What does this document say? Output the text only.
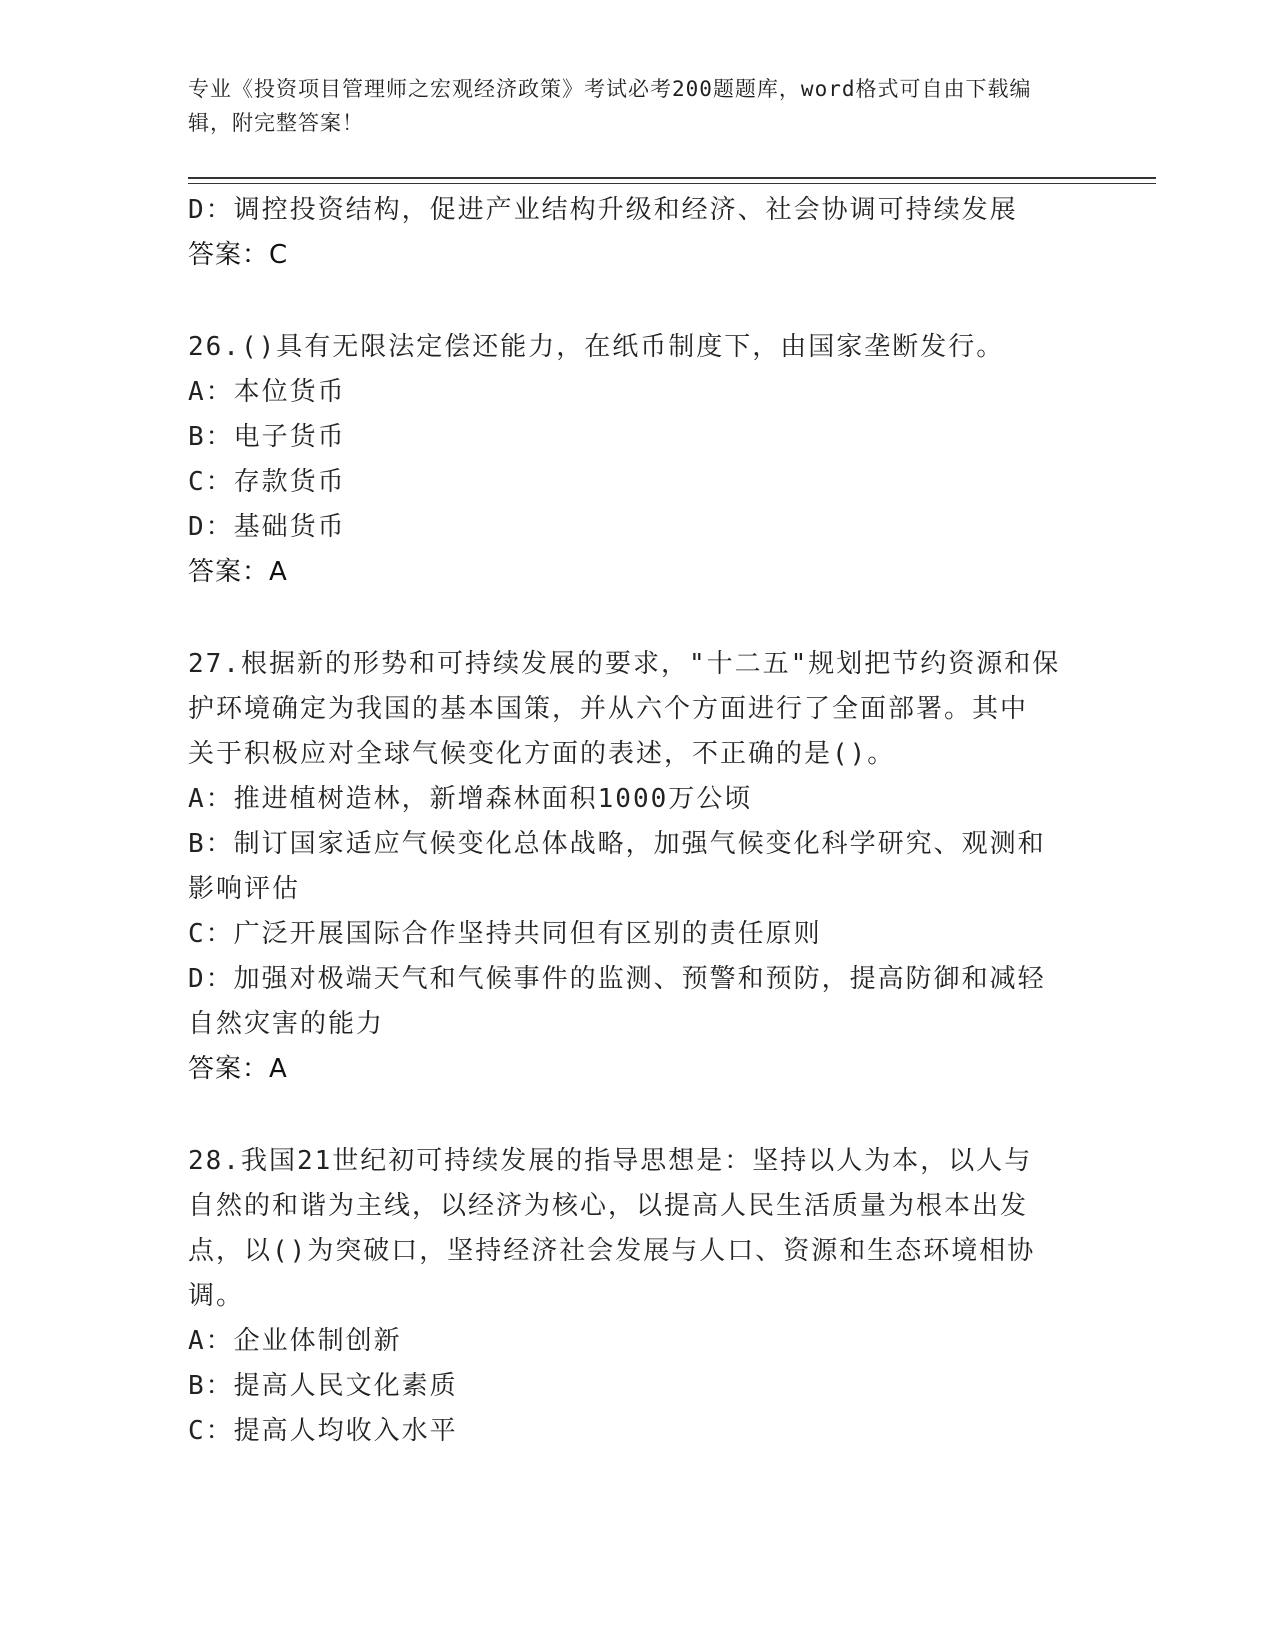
专业《投资项目管理师之宏观经济政策》考试必考200题题库，word格式可自由下载编辑，附完整答案！
D：调控投资结构，促进产业结构升级和经济、社会协调可持续发展
答案：C
26.()具有无限法定偿还能力，在纸币制度下，由国家垄断发行。
A：本位货币
B：电子货币
C：存款货币
D：基础货币
答案：A
27.根据新的形势和可持续发展的要求，"十二五"规划把节约资源和保
护环境确定为我国的基本国策，并从六个方面进行了全面部署。其中
关于积极应对全球气候变化方面的表述，不正确的是()。
A：推进植树造林，新增森林面积1000万公顷
B：制订国家适应气候变化总体战略，加强气候变化科学研究、观测和
影响评估
C：广泛开展国际合作坚持共同但有区别的责任原则
D：加强对极端天气和气候事件的监测、预警和预防，提高防御和减轻
自然灾害的能力
答案：A
28.我国21世纪初可持续发展的指导思想是：坚持以人为本，以人与
自然的和谐为主线，以经济为核心，以提高人民生活质量为根本出发
点，以()为突破口，坚持经济社会发展与人口、资源和生态环境相协
调。
A：企业体制创新
B：提高人民文化素质
C：提高人均收入水平
